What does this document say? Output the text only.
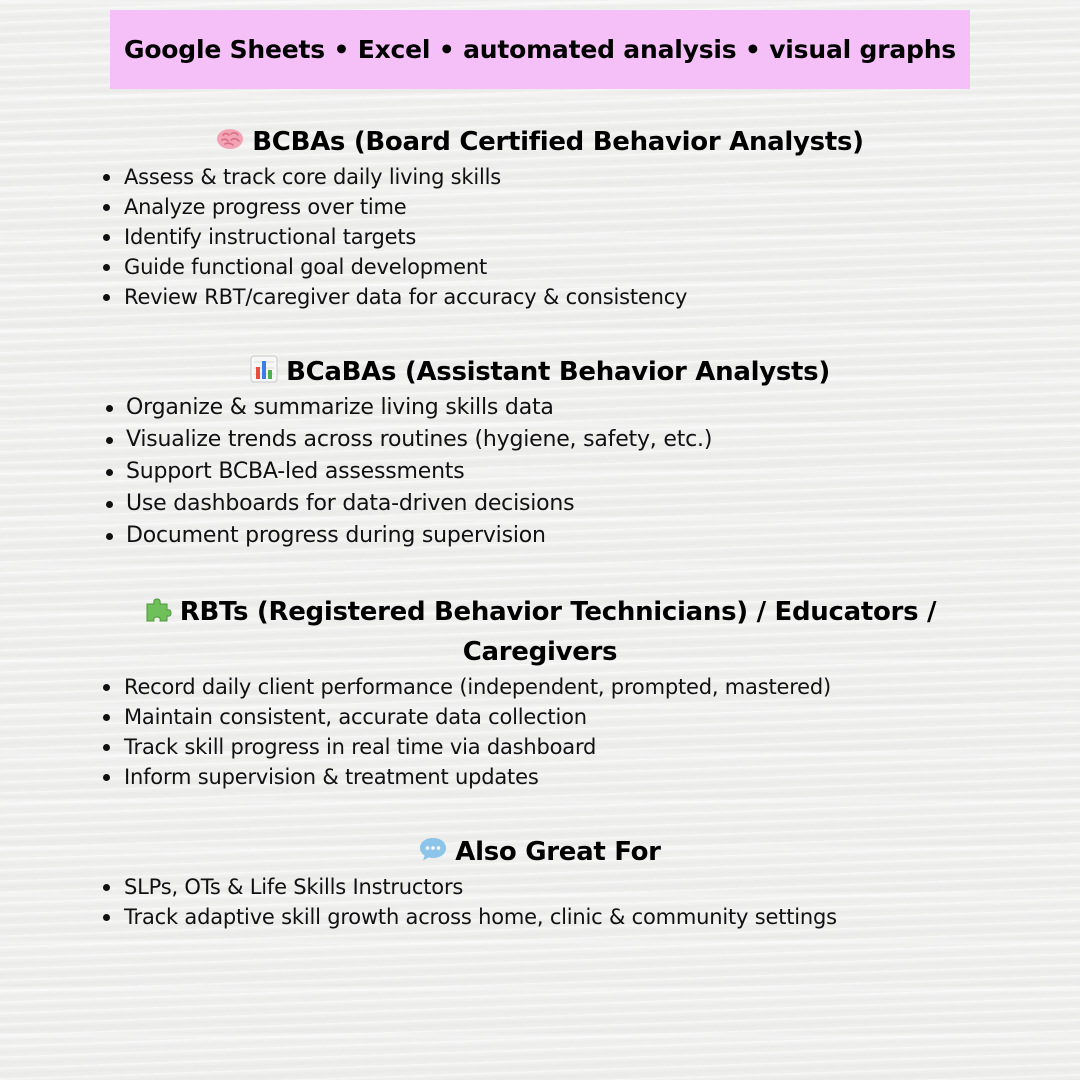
Google Sheets • Excel • automated analysis • visual graphs
BCBAs (Board Certified Behavior Analysts)
Assess & track core daily living skills
Analyze progress over time
Identify instructional targets
Guide functional goal development
Review RBT/caregiver data for accuracy & consistency
BCaBAs (Assistant Behavior Analysts)
Organize & summarize living skills data
Visualize trends across routines (hygiene, safety, etc.)
Support BCBA-led assessments
Use dashboards for data-driven decisions
Document progress during supervision
RBTs (Registered Behavior Technicians) / Educators / Caregivers
Record daily client performance (independent, prompted, mastered)
Maintain consistent, accurate data collection
Track skill progress in real time via dashboard
Inform supervision & treatment updates
Also Great For
SLPs, OTs & Life Skills Instructors
Track adaptive skill growth across home, clinic & community settings
